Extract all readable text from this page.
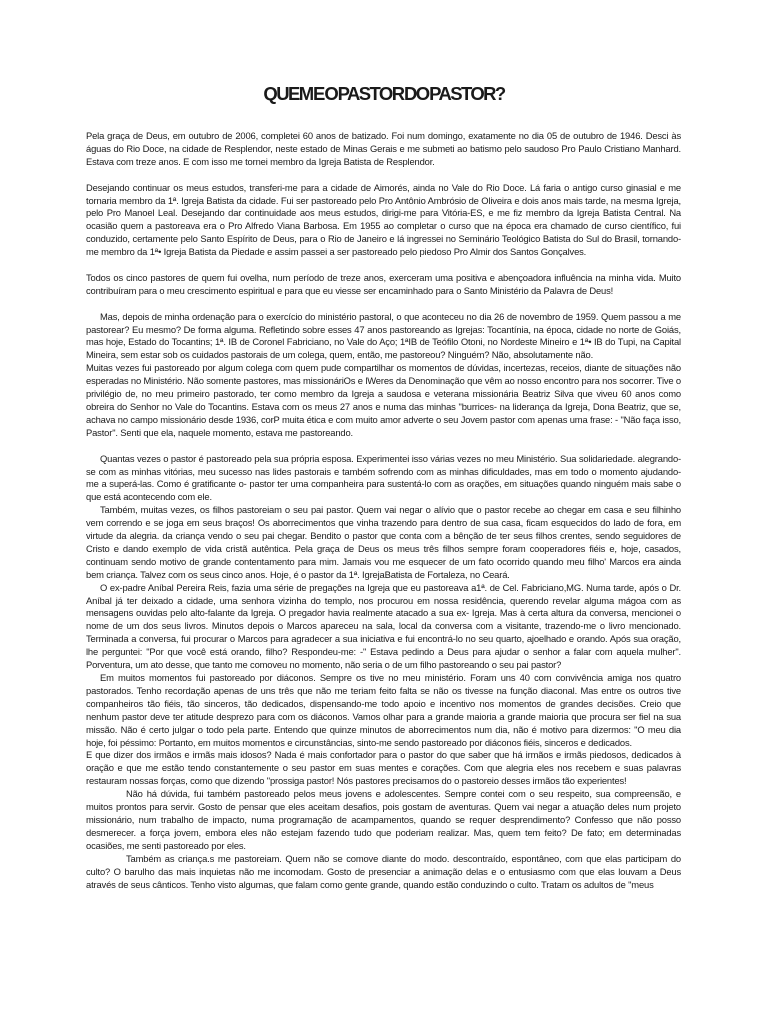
QUEM E O PASTOR DO PASTOR?

Pela graça de Deus, em outubro de 2006, completei 60 anos de batizado. Foi num domingo, exatamente no dia 05 de outubro de 1946. Desci às águas do Rio Doce, na cidade de Resplendor, neste estado de Minas Gerais e me submeti ao batismo pelo saudoso Pro Paulo Cristiano Manhard. Estava com treze anos. E com isso me tornei membro da Igreja Batista de Resplendor.

Desejando continuar os meus estudos, transferi-me para a cidade de Aimorés, ainda no Vale do Rio Doce. Lá faria o antigo curso ginasial e me tornaria membro da 1ª. Igreja Batista da cidade. Fui ser pastoreado pelo Pro Antônio Ambrósio de Oliveira e dois anos mais tarde, na mesma Igreja, pelo Pro Manoel Leal. Desejando dar continuidade aos meus estudos, dirigi-me para Vitória-ES, e me fiz membro da Igreja Batista Central. Na ocasião quem a pastoreava era o Pro Alfredo Viana Barbosa. Em 1955 ao completar o curso que na época era chamado de curso científico, fui conduzido, certamente pelo Santo Espírito de Deus, para o Rio de Janeiro e lá ingressei no Seminário Teológico Batista do Sul do Brasil, tornando-me membro da 1ª• Igreja Batista da Piedade e assim passei a ser pastoreado pelo piedoso Pro Almir dos Santos Gonçalves.

Todos os cinco pastores de quem fui ovelha, num período de treze anos, exerceram uma positiva e abençoadora influência na minha vida. Muito contribuíram para o meu crescimento espiritual e para que eu viesse ser encaminhado para o Santo Ministério da Palavra de Deus!

Mas, depois de minha ordenação para o exercício do ministério pastoral, o que aconteceu no dia 26 de novembro de 1959. Quem passou a me pastorear? Eu mesmo? De forma alguma. Refletindo sobre esses 47 anos pastoreando as Igrejas: Tocantínia, na época, cidade no norte de Goiás, mas hoje, Estado do Tocantins; 1ª. IB de Coronel Fabriciano, no Vale do Aço; 1ªIB de Teófilo Otoni, no Nordeste Mineiro e 1ª• IB do Tupi, na Capital Mineira, sem estar sob os cuidados pastorais de um colega, quem, então, me pastoreou? Ninguém? Não, absolutamente não.

Muitas vezes fui pastoreado por algum colega com quem pude compartilhar os momentos de dúvidas, incertezas, receios, diante de situações não esperadas no Ministério. Não somente pastores, mas missionáriOs e lWeres da Denominação que vêm ao nosso encontro para nos socorrer. Tive o privilégio de, no meu primeiro pastorado, ter como membro da Igreja a saudosa e veterana missionária Beatriz Silva que viveu 60 anos como obreira do Senhor no Vale do Tocantins. Estava com os meus 27 anos e numa das minhas "burrices- na liderança da Igreja, Dona Beatriz, que se, achava no campo missionário desde 1936, corP muita ética e com muito amor adverte o seu Jovem pastor com apenas uma frase: - "Não faça isso, Pastor". Senti que ela, naquele momento, estava me pastoreando.

Quantas vezes o pastor é pastoreado pela sua própria esposa. Experimentei isso várias vezes no meu Ministério. Sua solidariedade. alegrando-se com as minhas vitórias, meu sucesso nas lides pastorais e também sofrendo com as minhas dificuldades, mas em todo o momento ajudando-me a superá-las. Como é gratificante o- pastor ter uma companheira para sustentá-lo com as orações, em situações quando ninguém mais sabe o que está acontecendo com ele.

Também, muitas vezes, os filhos pastoreiam o seu pai pastor. Quem vai negar o alívio que o pastor recebe ao chegar em casa e seu filhinho vem correndo e se joga em seus braços! Os aborrecimentos que vinha trazendo para dentro de sua casa, ficam esquecidos do lado de fora, em virtude da alegria. da criança vendo o seu pai chegar. Bendito o pastor que conta com a bênção de ter seus filhos crentes, sendo seguidores de Cristo e dando exemplo de vida cristã autêntica. Pela graça de Deus os meus três filhos sempre foram cooperadores fiéis e, hoje, casados, continuam sendo motivo de grande contentamento para mim. Jamais vou me esquecer de um fato ocorrido quando meu filho' Marcos era ainda bem criança. Talvez com os seus cinco anos. Hoje, é o pastor da 1ª. IgrejaBatista de Fortaleza, no Ceará.

O ex-padre Aníbal Pereira Reis, fazia uma série de pregações na Igreja que eu pastoreava a1ª. de Cel. Fabriciano,MG. Numa tarde, após o Dr. Aníbal já ter deixado a cidade, uma senhora vizinha do templo, nos procurou em nossa residência, querendo revelar alguma mágoa com as mensagens ouvidas pelo alto-falante da Igreja. O pregador havia realmente atacado a sua ex- Igreja. Mas à certa altura da conversa, mencionei o nome de um dos seus livros. Minutos depois o Marcos apareceu na sala, local da conversa com a visitante, trazendo-me o livro mencionado. Terminada a conversa, fui procurar o Marcos para agradecer a sua iniciativa e fui encontrá-lo no seu quarto, ajoelhado e orando. Após sua oração, lhe perguntei: "Por que você está orando, filho? Respondeu-me: -" Estava pedindo a Deus para ajudar o senhor a falar com aquela mulher". Porventura, um ato desse, que tanto me comoveu no momento, não seria o de um filho pastoreando o seu pai pastor?

Em muitos momentos fui pastoreado por diáconos. Sempre os tive no meu ministério. Foram uns 40 com convivência amiga nos quatro pastorados. Tenho recordação apenas de uns três que não me teriam feito falta se não os tivesse na função diaconal. Mas entre os outros tive companheiros tão fiéis, tão sinceros, tão dedicados, dispensando-me todo apoio e incentivo nos momentos de grandes decisões. Creio que nenhum pastor deve ter atitude desprezo para com os diáconos. Vamos olhar para a grande maioria a grande maioria que procura ser fiel na sua missão. Não é certo julgar o todo pela parte. Entendo que quinze minutos de aborrecimentos num dia, não é motivo para dizermos: "O meu dia hoje, foi péssimo: Portanto, em muitos momentos e circunstâncias, sinto-me sendo pastoreado por diáconos fiéis, sinceros e dedicados.

E que dizer dos irmãos e irmãs mais idosos? Nada é mais confortador para o pastor do que saber que há irmãos e irmãs piedosos, dedicados à oração e que me estão tendo constantemente o seu pastor em suas mentes e corações. Com que alegria eles nos recebem e suas palavras restauram nossas forças, como que dizendo "prossiga pastor! Nós pastores precisamos do o pastoreio desses irmãos tão experientes!

Não há dúvida, fui também pastoreado pelos meus jovens e adolescentes. Sempre contei com o seu respeito, sua compreensão, e muitos prontos para servir. Gosto de pensar que eles aceitam desafios, pois gostam de aventuras. Quem vai negar a atuação deles num projeto missionário, num trabalho de impacto, numa programação de acampamentos, quando se requer desprendimento? Confesso que não posso desmerecer. a força jovem, embora eles não estejam fazendo tudo que poderiam realizar. Mas, quem tem feito? De fato; em determinadas ocasiões, me senti pastoreado por eles.

Também as criança.s me pastoreiam. Quem não se comove diante do modo. descontraído, espontâneo, com que elas participam do culto? O barulho das mais inquietas não me incomodam. Gosto de presenciar a animação delas e o entusiasmo com que elas louvam a Deus através de seus cânticos. Tenho visto algumas, que falam como gente grande, quando estão conduzindo o culto. Tratam os adultos de "meus
